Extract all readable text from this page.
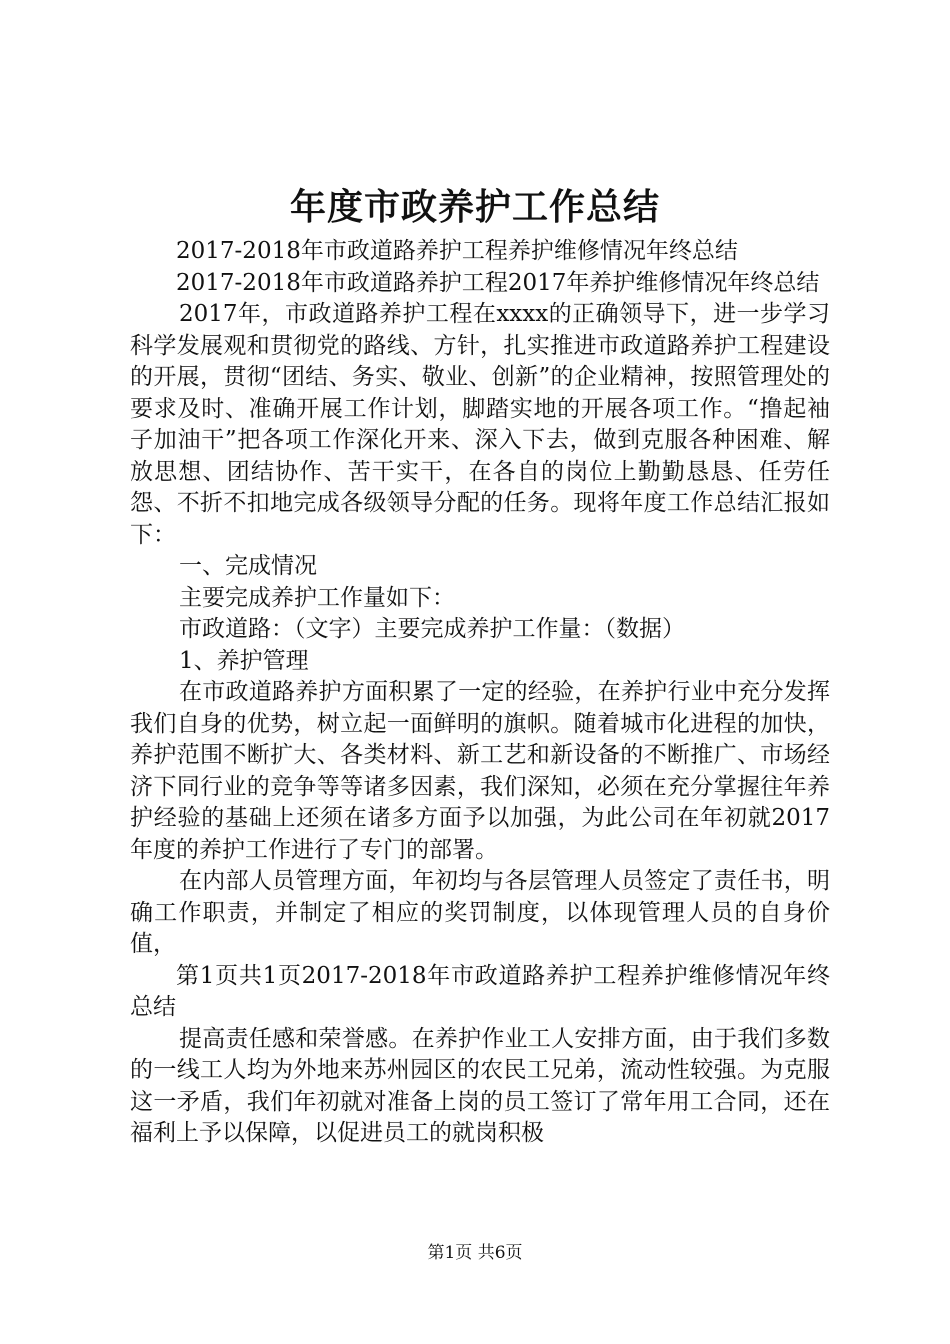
年度市政养护工作总结

2017-2018年市政道路养护工程养护维修情况年终总结

2017-2018年市政道路养护工程2017年养护维修情况年终总结

2017年，市政道路养护工程在xxxx的正确领导下，进一步学习科学发展观和贯彻党的路线、方针，扎实推进市政道路养护工程建设的开展，贯彻“团结、务实、敬业、创新”的企业精神，按照管理处的要求及时、准确开展工作计划，脚踏实地的开展各项工作。“撸起袖子加油干”把各项工作深化开来、深入下去，做到克服各种困难、解放思想、团结协作、苦干实干，在各自的岗位上勤勤恳恳、任劳任怨、不折不扣地完成各级领导分配的任务。现将年度工作总结汇报如下：

一、完成情况

主要完成养护工作量如下：

市政道路：（文字）主要完成养护工作量：（数据）

1、养护管理

在市政道路养护方面积累了一定的经验，在养护行业中充分发挥我们自身的优势，树立起一面鲜明的旗帜。随着城市化进程的加快，养护范围不断扩大、各类材料、新工艺和新设备的不断推广、市场经济下同行业的竞争等等诸多因素，我们深知，必须在充分掌握往年养护经验的基础上还须在诸多方面予以加强，为此公司在年初就2017年度的养护工作进行了专门的部署。

在内部人员管理方面，年初均与各层管理人员签定了责任书，明确工作职责，并制定了相应的奖罚制度，以体现管理人员的自身价值，

第1页共1页2017-2018年市政道路养护工程养护维修情况年终总结

提高责任感和荣誉感。在养护作业工人安排方面，由于我们多数的一线工人均为外地来苏州园区的农民工兄弟，流动性较强。为克服这一矛盾，我们年初就对准备上岗的员工签订了常年用工合同，还在福利上予以保障，以促进员工的就岗积极

第1页 共6页
